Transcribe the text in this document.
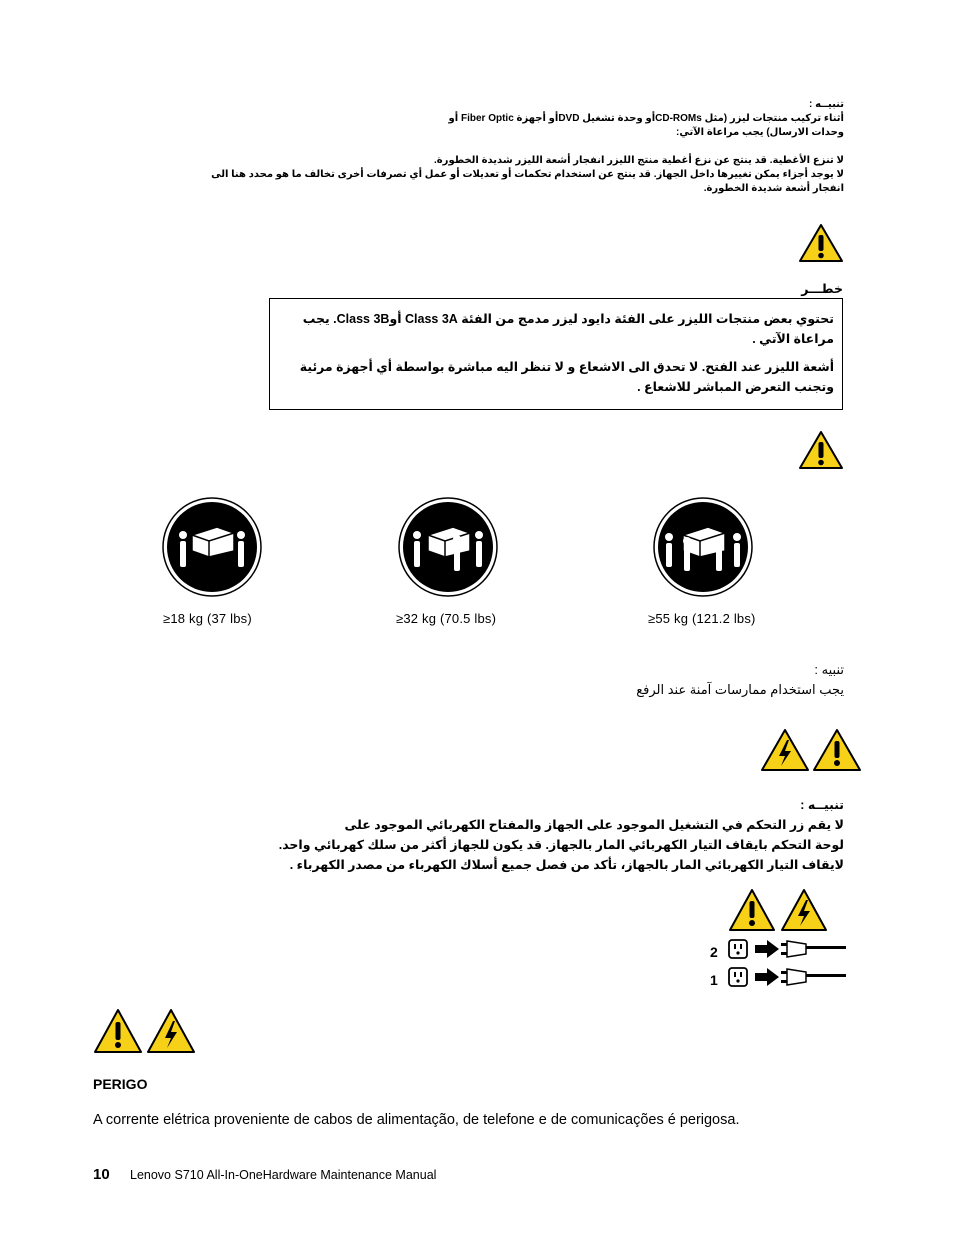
تنبيــه :
أثناء تركيب منتجات ليزر (مثل CD-ROMsأو وحدة تشغيل DVDأو أجهزة Fiber Optic أو
وحدات الارسال) يجب مراعاة الآتي:
لا تنزع الأغطية. قد ينتج عن نزع أغطية منتج الليزر انفجار أشعة الليزر شديدة الخطورة.
لا يوجد أجزاء يمكن تغييرها داخل الجهاز. قد ينتج عن استخدام تحكمات أو تعديلات أو عمل أي تصرفات أخرى تخالف ما هو محدد هنا الى
انفجار أشعة شديدة الخطورة.
خطـــر

تحتوي بعض منتجات الليزر على الفئة دايود ليزر مدمج من الفئة Class 3A أوClass 3B. يجب
مراعاة الآتي .

أشعة الليزر عند الفتح. لا تحدق الى الاشعاع و لا تنظر اليه مباشرة بواسطة أي أجهزة مرئية
وتجنب التعرض المباشر للاشعاع .

≥18 kg (37 lbs)	≥32 kg (70.5 lbs)	≥55 kg (121.2 lbs)
تنبيه :
يجب استخدام ممارسات آمنة عند الرفع
تنبيــه :
لا يقم زر التحكم في التشغيل الموجود على الجهاز والمفتاح الكهربائي الموجود على
لوحة التحكم بايقاف التيار الكهربائي المار بالجهاز. قد يكون للجهاز أكثر من سلك كهربائي واحد.
لايقاف التيار الكهربائي المار بالجهاز، تأكد من فصل جميع أسلاك الكهرباء من مصدر الكهرباء .
2
1
PERIGO
A corrente elétrica proveniente de cabos de alimentação, de telefone e de comunicações é perigosa.
10 Lenovo S710 All-In-OneHardware Maintenance Manual
